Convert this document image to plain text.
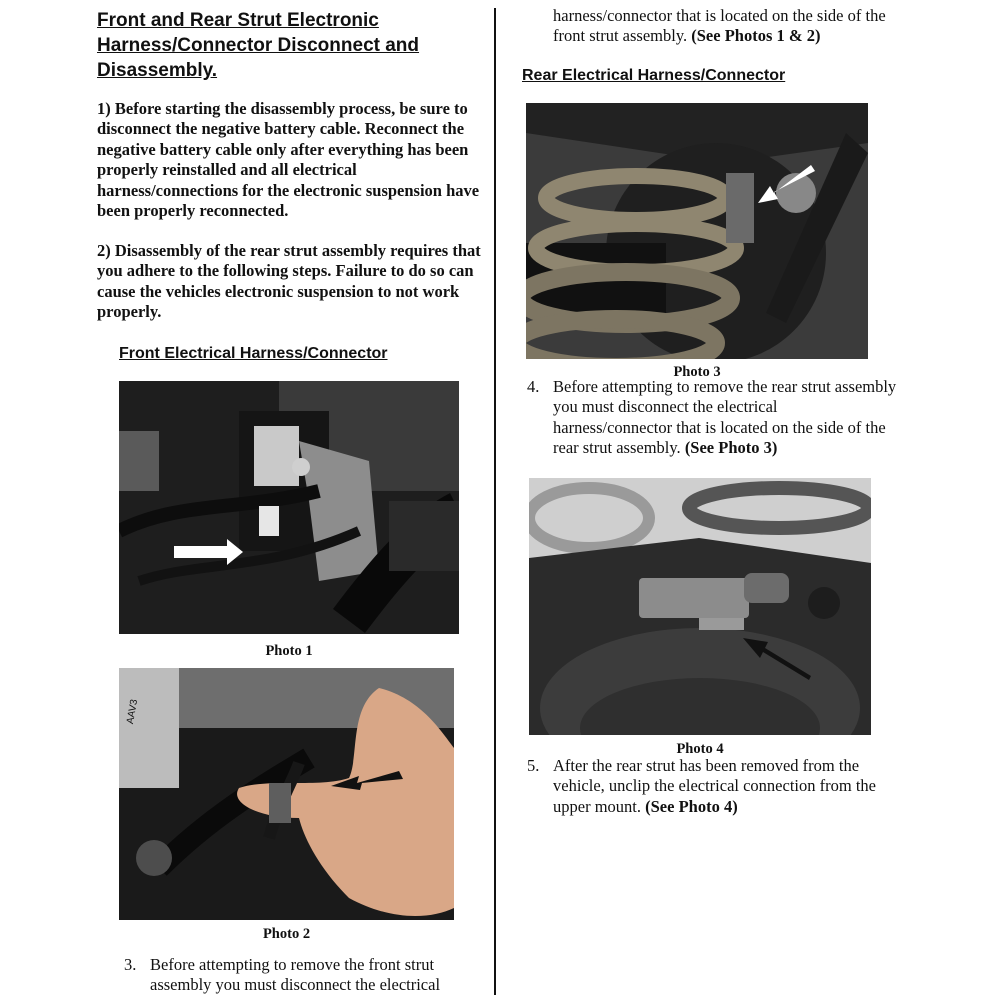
Front and Rear Strut Electronic Harness/Connector Disconnect and Disassembly.

1) Before starting the disassembly process, be sure to disconnect the negative battery cable. Reconnect the negative battery cable only after everything has been properly reinstalled and all electrical harness/connections for the electronic suspension have been properly reconnected.

2) Disassembly of the rear strut assembly requires that you adhere to the following steps. Failure to do so can cause the vehicles electronic suspension to not work properly.

Front Electrical Harness/Connector
Photo 1
AAV3
Photo 2
3. Before attempting to remove the front strut assembly you must disconnect the electrical
harness/connector that is located on the side of the front strut assembly. (See Photos 1 & 2)
Rear Electrical Harness/Connector
Photo 3
4. Before attempting to remove the rear strut assembly you must disconnect the electrical harness/connector that is located on the side of the rear strut assembly. (See Photo 3)
Photo 4
5. After the rear strut has been removed from the vehicle, unclip the electrical connection from the upper mount. (See Photo 4)
